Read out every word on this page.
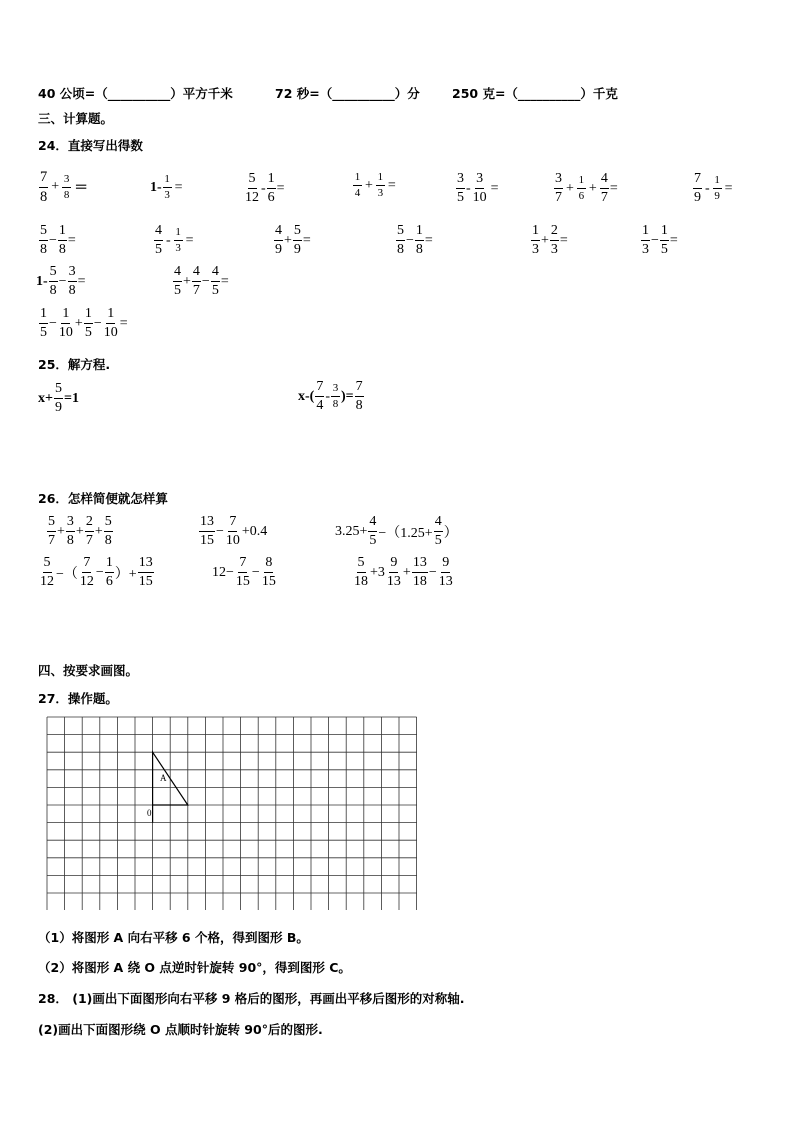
40 公顷=（__________）平方千米	72 秒=（__________）分	250 克=（__________）千克
三、计算题。
24．直接写出得数
$\frac{7}{8} + \frac{3}{8}$ ＝	$1- \frac{1}{3}$ =	$\frac{5}{12} - \frac{1}{6}$ =	$\frac{1}{4} + \frac{1}{3}$ =	$\frac{3}{5} - \frac{3}{10}$ =	$\frac{3}{7} + \frac{1}{6} + \frac{4}{7}$ =	$\frac{7}{9} - \frac{1}{9}$ =
$\frac{5}{8} - \frac{1}{8}$ =	$\frac{4}{5} - \frac{1}{3}$ =	$\frac{4}{9} + \frac{5}{9}$ =	$\frac{5}{8} - \frac{1}{8}$ =	$\frac{1}{3} + \frac{2}{3}$ =	$\frac{1}{3} - \frac{1}{5}$ =
$1- \frac{5}{8} - \frac{3}{8}$ =	$\frac{4}{5} + \frac{4}{7} - \frac{4}{5}$ =
$\frac{1}{5} - \frac{1}{10} + \frac{1}{5} - \frac{1}{10}$ =
25．解方程.
$x+ \frac{5}{9} =1$	$x-( \frac{7}{4} - \frac{3}{8}$ )= $\frac{7}{8}$
26．怎样简便就怎样算
$\frac{5}{7} + \frac{3}{8} + \frac{2}{7} + \frac{5}{8}$	$\frac{13}{15} - \frac{7}{10} +0.4$	$3.25+ \frac{4}{5} -(1.25+ \frac{4}{5}$ ）
$\frac{5}{12}$ −（ $\frac{7}{12} - \frac{1}{6}$ ）+ $\frac{13}{15}$	$12- \frac{7}{15} - \frac{8}{15}$	$\frac{5}{18} +3 \frac{9}{13} + \frac{13}{18} - \frac{9}{13}$
四、按要求画图。
27．操作题。
A
0
（1）将图形 A 向右平移 6 个格，得到图形 B。
（2）将图形 A 绕 O 点逆时针旋转 90°，得到图形 C。
28． (1)画出下面图形向右平移 9 格后的图形，再画出平移后图形的对称轴.
(2)画出下面图形绕 O 点顺时针旋转 90°后的图形.
